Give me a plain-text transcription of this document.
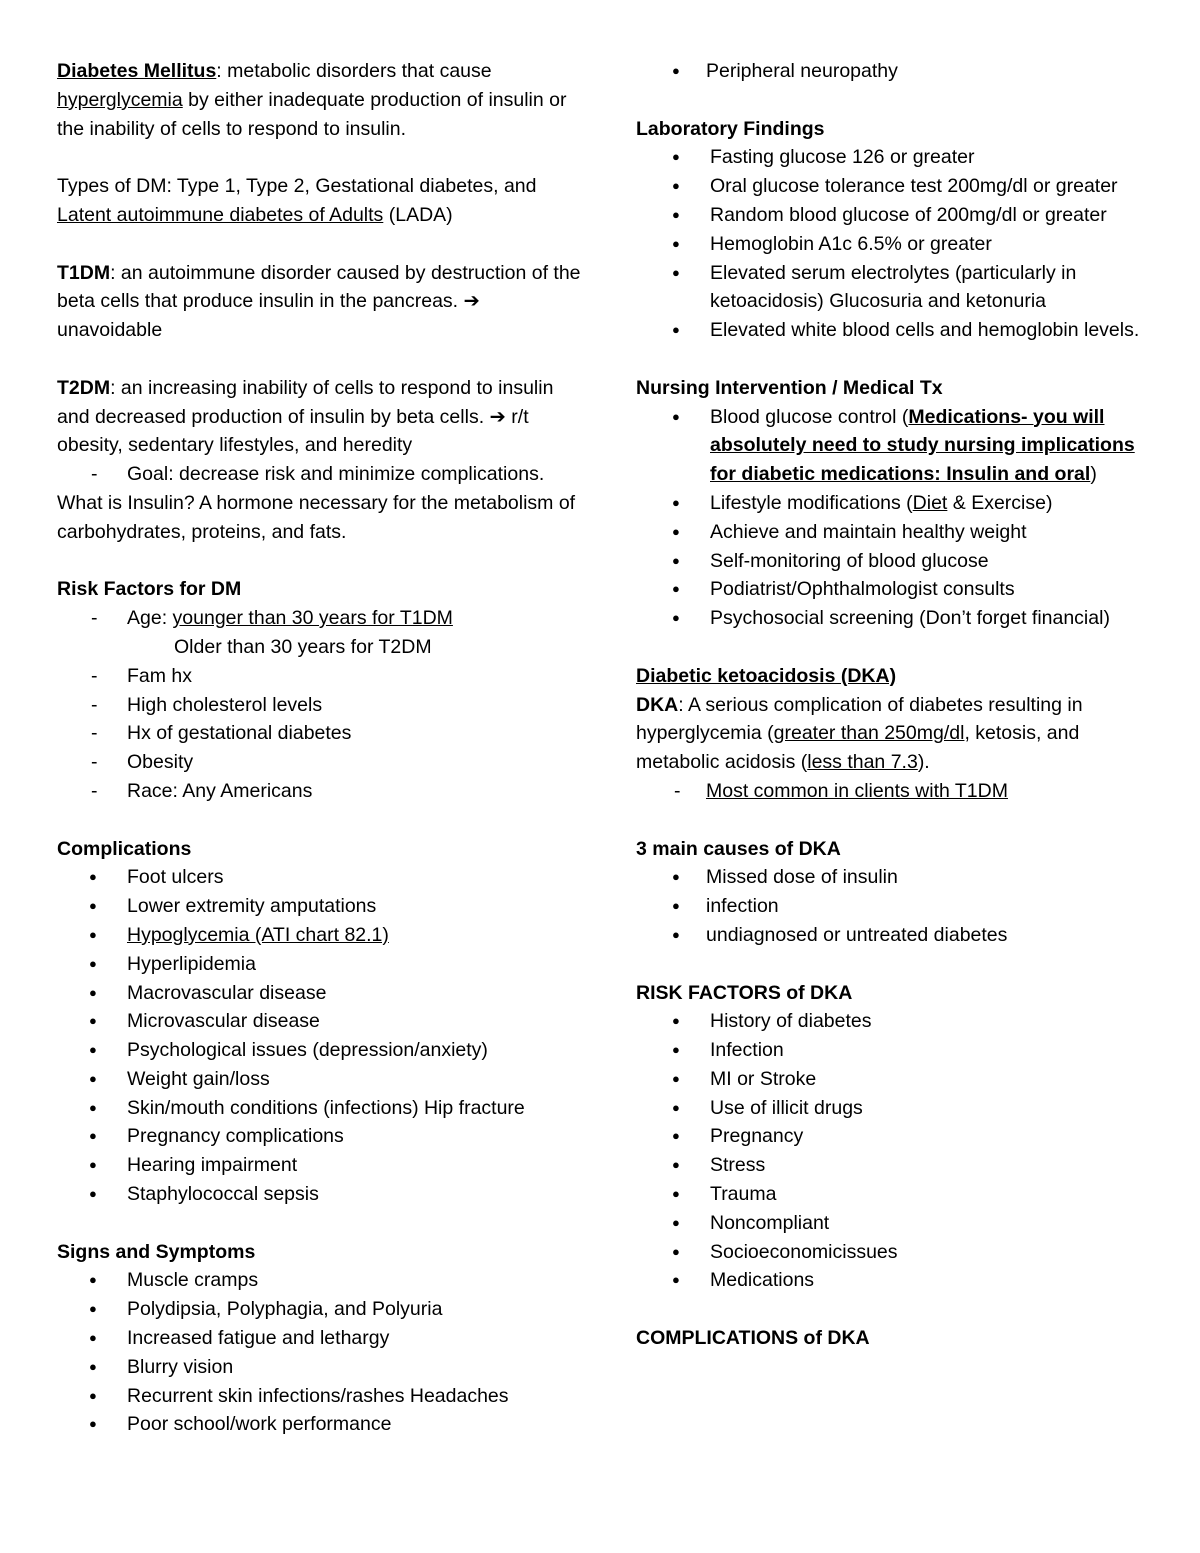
Diabetes Mellitus: metabolic disorders that cause
hyperglycemia by either inadequate production of insulin or the inability of cells to respond to insulin.

Types of DM: Type 1, Type 2, Gestational diabetes, and Latent autoimmune diabetes of Adults (LADA)

T1DM: an autoimmune disorder caused by destruction of the beta cells that produce insulin in the pancreas. ➔ unavoidable

T2DM: an increasing inability of cells to respond to insulin and decreased production of insulin by beta cells. ➔ r/t obesity, sedentary lifestyles, and heredity

- Goal: decrease risk and minimize complications.

What is Insulin? A hormone necessary for the metabolism of carbohydrates, proteins, and fats.

Risk Factors for DM

- Age: younger than 30 years for T1DM
Older than 30 years for T2DM
- Fam hx
- High cholesterol levels
- Hx of gestational diabetes
- Obesity
- Race: Any Americans

Complications

● Foot ulcers
● Lower extremity amputations
● Hypoglycemia (ATI chart 82.1)
● Hyperlipidemia
● Macrovascular disease
● Microvascular disease
● Psychological issues (depression/anxiety)
● Weight gain/loss
● Skin/mouth conditions (infections) Hip fracture
● Pregnancy complications
● Hearing impairment
● Staphylococcal sepsis

Signs and Symptoms

● Muscle cramps
● Polydipsia, Polyphagia, and Polyuria
● Increased fatigue and lethargy
● Blurry vision
● Recurrent skin infections/rashes Headaches
● Poor school/work performance
● Peripheral neuropathy

Laboratory Findings

● Fasting glucose 126 or greater
● Oral glucose tolerance test 200mg/dl or greater
● Random blood glucose of 200mg/dl or greater
● Hemoglobin A1c 6.5% or greater
● Elevated serum electrolytes (particularly in ketoacidosis) Glucosuria and ketonuria
● Elevated white blood cells and hemoglobin levels.

Nursing Intervention / Medical Tx

● Blood glucose control (Medications- you will absolutely need to study nursing implications for diabetic medications: Insulin and oral)
● Lifestyle modifications (Diet & Exercise)
● Achieve and maintain healthy weight
● Self-monitoring of blood glucose
● Podiatrist/Ophthalmologist consults
● Psychosocial screening (Don’t forget financial)

Diabetic ketoacidosis (DKA)

DKA: A serious complication of diabetes resulting in hyperglycemia (greater than 250mg/dl, ketosis, and metabolic acidosis (less than 7.3).

- Most common in clients with T1DM

3 main causes of DKA

● Missed dose of insulin
● infection
● undiagnosed or untreated diabetes

RISK FACTORS of DKA

● History of diabetes
● Infection
● MI or Stroke
● Use of illicit drugs
● Pregnancy
● Stress
● Trauma
● Noncompliant
● Socioeconomicissues
● Medications

COMPLICATIONS of DKA
